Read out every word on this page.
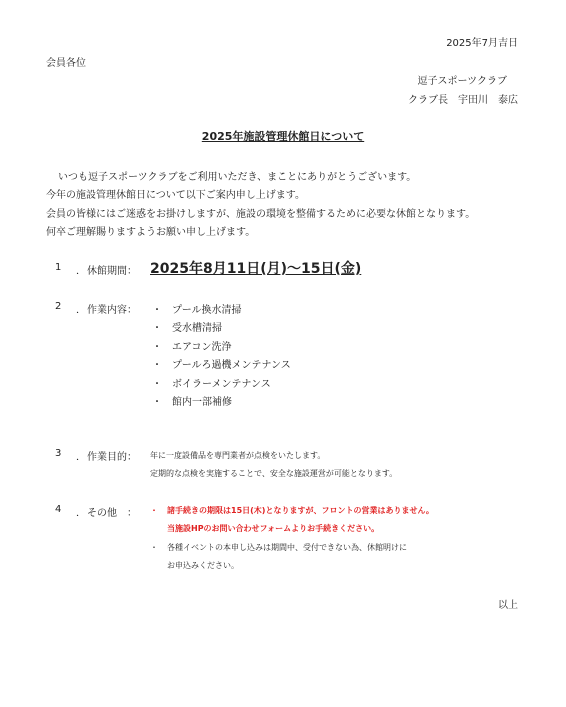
2025年7月吉日
会員各位
逗子スポーツクラブ
クラブ長　宇田川　泰広
2025年施設管理休館日について
いつも逗子スポーツクラブをご利用いただき、まことにありがとうございます。
今年の施設管理休館日について以下ご案内申し上げます。
会員の皆様にはご迷惑をお掛けしますが、施設の環境を整備するために必要な休館となります。
何卒ご理解賜りますようお願い申し上げます。
1 ． 休館期間： 2025年8月11日(月)～15日(金)
2 ． 作業内容： ・ プール換水清掃
・ 受水槽清掃
・ エアコン洗浄
・ プールろ過機メンテナンス
・ ボイラーメンテナンス
・ 館内一部補修
3 ． 作業目的： 年に一度設備品を専門業者が点検をいたします。
定期的な点検を実施することで、安全な施設運営が可能となります。
4 ． その他　： ・ 諸手続きの期限は15日(木)となりますが、フロントの営業はありません。
当施設HPのお問い合わせフォームよりお手続きください。
・ 各種イベントの本申し込みは期間中、受付できない為、休館明けに
お申込みください。
以上
